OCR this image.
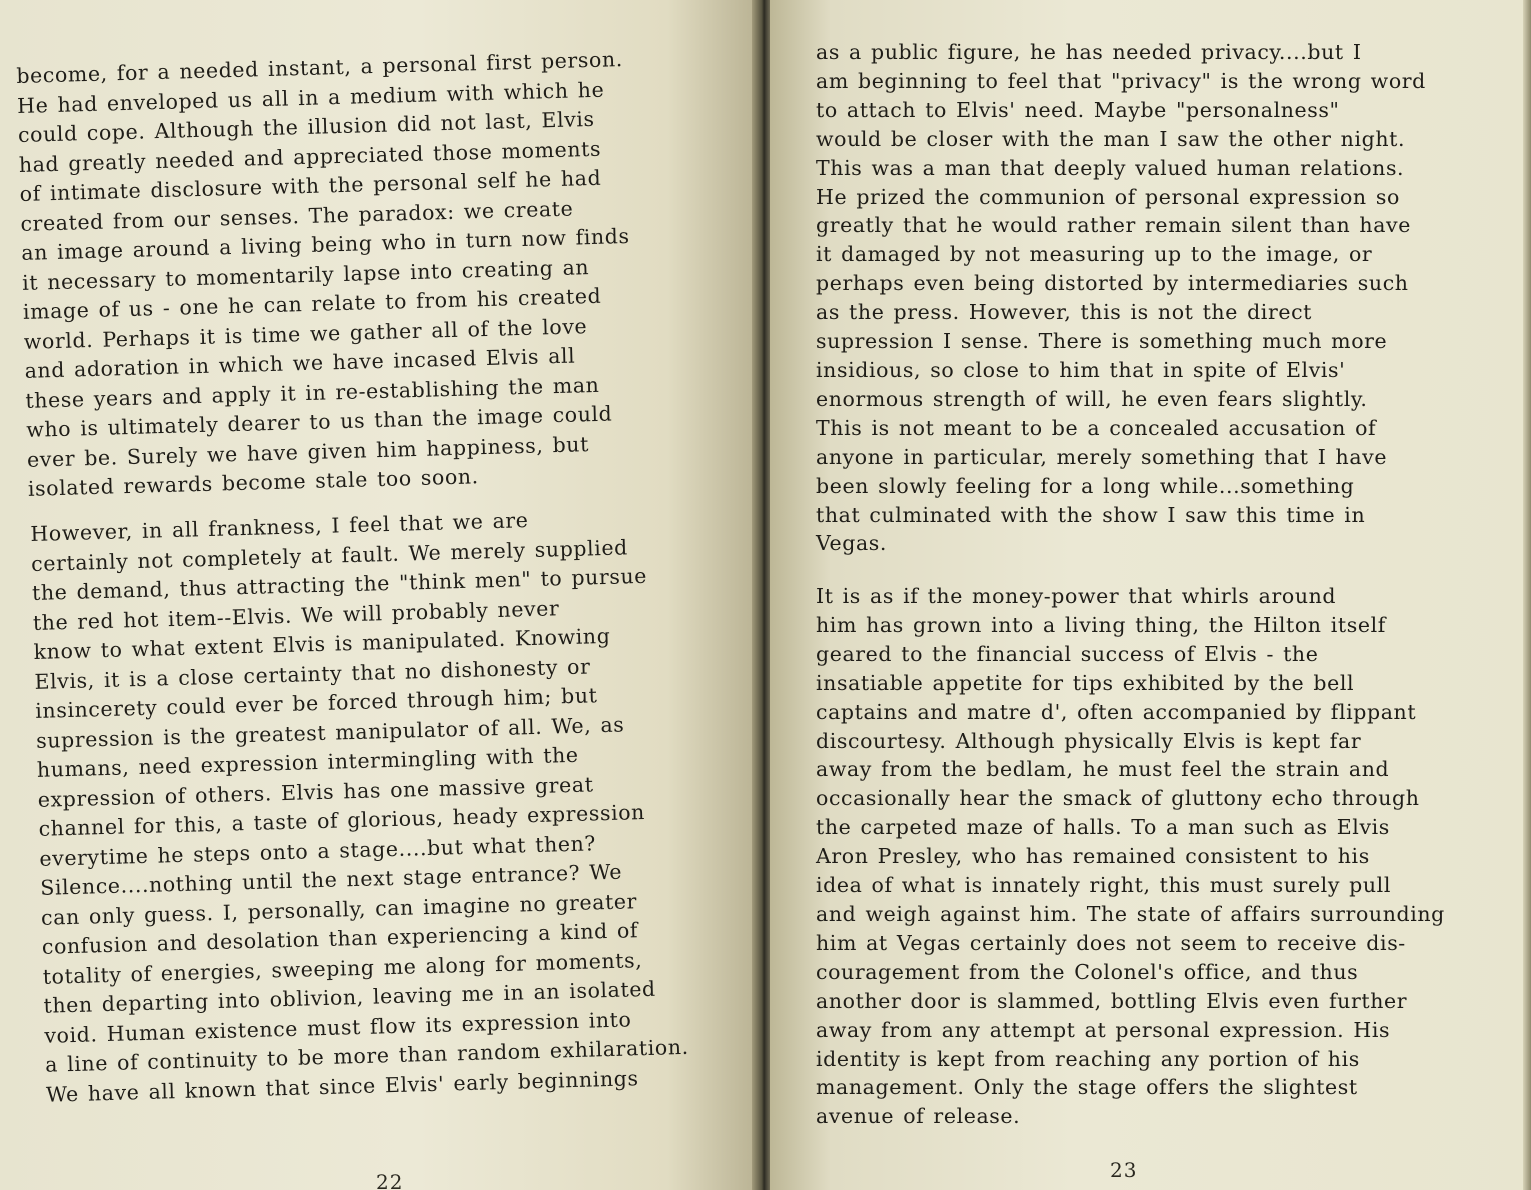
become, for a needed instant, a personal first person.
He had enveloped us all in a medium with which he
could cope. Although the illusion did not last, Elvis
had greatly needed and appreciated those moments
of intimate disclosure with the personal self he had
created from our senses. The paradox: we create
an image around a living being who in turn now finds
it necessary to momentarily lapse into creating an
image of us - one he can relate to from his created
world. Perhaps it is time we gather all of the love
and adoration in which we have incased Elvis all
these years and apply it in re-establishing the man
who is ultimately dearer to us than the image could
ever be. Surely we have given him happiness, but
isolated rewards become stale too soon.
However, in all frankness, I feel that we are
certainly not completely at fault. We merely supplied
the demand, thus attracting the "think men" to pursue
the red hot item--Elvis. We will probably never
know to what extent Elvis is manipulated. Knowing
Elvis, it is a close certainty that no dishonesty or
insincerety could ever be forced through him; but
supression is the greatest manipulator of all. We, as
humans, need expression intermingling with the
expression of others. Elvis has one massive great
channel for this, a taste of glorious, heady expression
everytime he steps onto a stage....but what then?
Silence....nothing until the next stage entrance? We
can only guess. I, personally, can imagine no greater
confusion and desolation than experiencing a kind of
totality of energies, sweeping me along for moments,
then departing into oblivion, leaving me in an isolated
void. Human existence must flow its expression into
a line of continuity to be more than random exhilaration.
We have all known that since Elvis' early beginnings
22
as a public figure, he has needed privacy....but I
am beginning to feel that "privacy" is the wrong word
to attach to Elvis' need. Maybe "personalness"
would be closer with the man I saw the other night.
This was a man that deeply valued human relations.
He prized the communion of personal expression so
greatly that he would rather remain silent than have
it damaged by not measuring up to the image, or
perhaps even being distorted by intermediaries such
as the press. However, this is not the direct
supression I sense. There is something much more
insidious, so close to him that in spite of Elvis'
enormous strength of will, he even fears slightly.
This is not meant to be a concealed accusation of
anyone in particular, merely something that I have
been slowly feeling for a long while...something
that culminated with the show I saw this time in
Vegas.
It is as if the money-power that whirls around
him has grown into a living thing, the Hilton itself
geared to the financial success of Elvis - the
insatiable appetite for tips exhibited by the bell
captains and matre d', often accompanied by flippant
discourtesy. Although physically Elvis is kept far
away from the bedlam, he must feel the strain and
occasionally hear the smack of gluttony echo through
the carpeted maze of halls. To a man such as Elvis
Aron Presley, who has remained consistent to his
idea of what is innately right, this must surely pull
and weigh against him. The state of affairs surrounding
him at Vegas certainly does not seem to receive dis-
couragement from the Colonel's office, and thus
another door is slammed, bottling Elvis even further
away from any attempt at personal expression. His
identity is kept from reaching any portion of his
management. Only the stage offers the slightest
avenue of release.
23
